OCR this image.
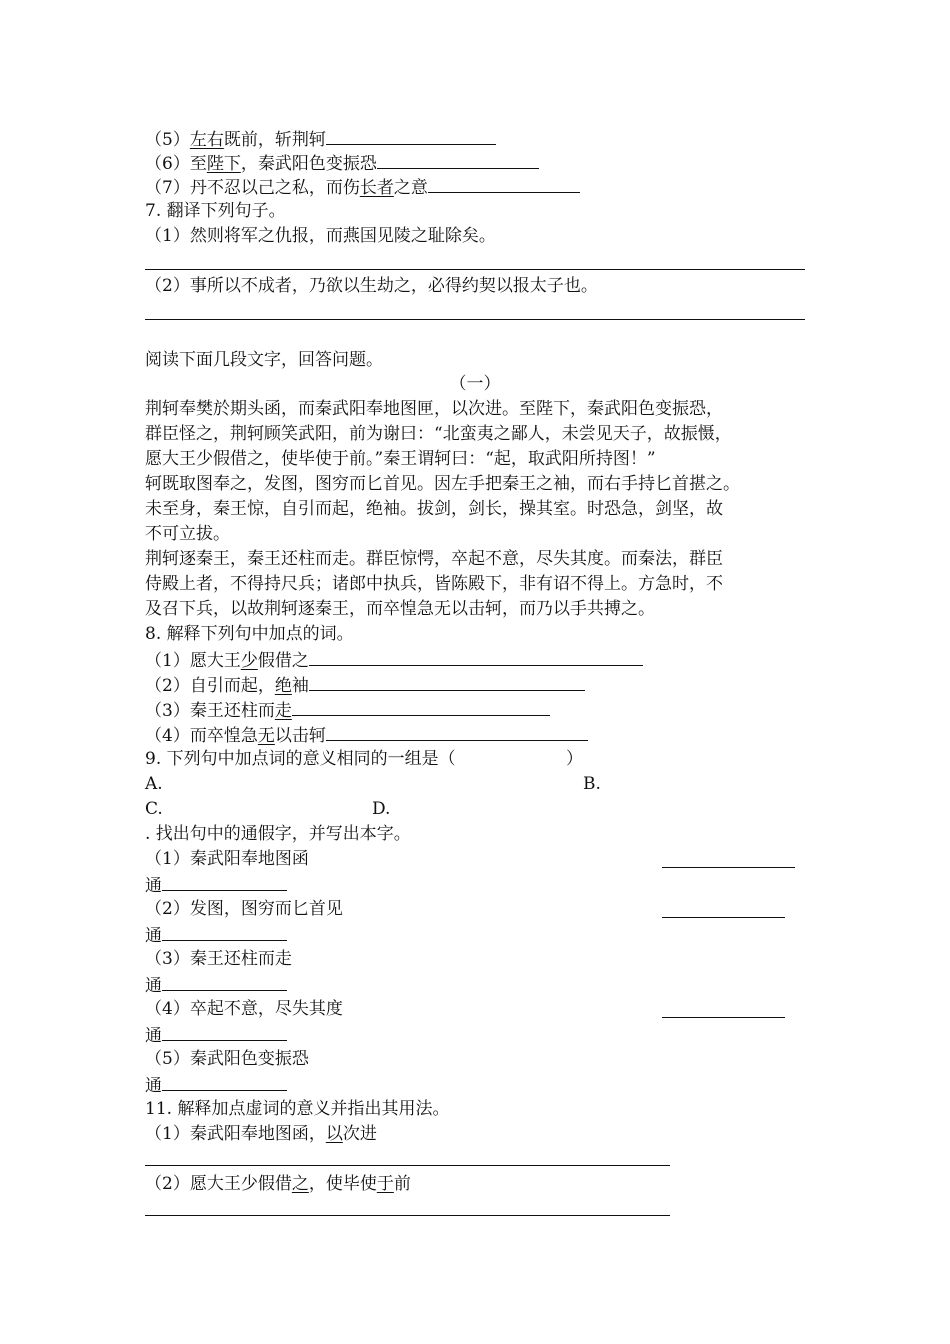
（5）左右既前，斩荆轲
（6）至陛下，秦武阳色变振恐
（7）丹不忍以己之私，而伤长者之意
7. 翻译下列句子。
（1）然则将军之仇报，而燕国见陵之耻除矣。
（2）事所以不成者，乃欲以生劫之，必得约契以报太子也。
阅读下面几段文字，回答问题。
（一）
荆轲奉樊於期头函，而秦武阳奉地图匣，以次进。至陛下，秦武阳色变振恐，
群臣怪之，荆轲顾笑武阳，前为谢曰：“北蛮夷之鄙人，未尝见天子，故振慑，
愿大王少假借之，使毕使于前。”秦王谓轲曰：“起，取武阳所持图！”
轲既取图奉之，发图，图穷而匕首见。因左手把秦王之袖，而右手持匕首揕之。
未至身，秦王惊，自引而起，绝袖。拔剑，剑长，操其室。时恐急，剑坚，故
不可立拔。
荆轲逐秦王，秦王还柱而走。群臣惊愕，卒起不意，尽失其度。而秦法，群臣
侍殿上者，不得持尺兵；诸郎中执兵，皆陈殿下，非有诏不得上。方急时，不
及召下兵，以故荆轲逐秦王，而卒惶急无以击轲，而乃以手共搏之。
8. 解释下列句中加点的词。
（1）愿大王少假借之
（2）自引而起，绝袖
（3）秦王还柱而走
（4）而卒惶急无以击轲
9. 下列句中加点词的意义相同的一组是（	）
A.	B.
C.	D.
. 找出句中的通假字，并写出本字。
（1）秦武阳奉地图函
通
（2）发图，图穷而匕首见
通
（3）秦王还柱而走
通
（4）卒起不意，尽失其度
通
（5）秦武阳色变振恐
通
11. 解释加点虚词的意义并指出其用法。
（1）秦武阳奉地图函，以次进
（2）愿大王少假借之，使毕使于前
